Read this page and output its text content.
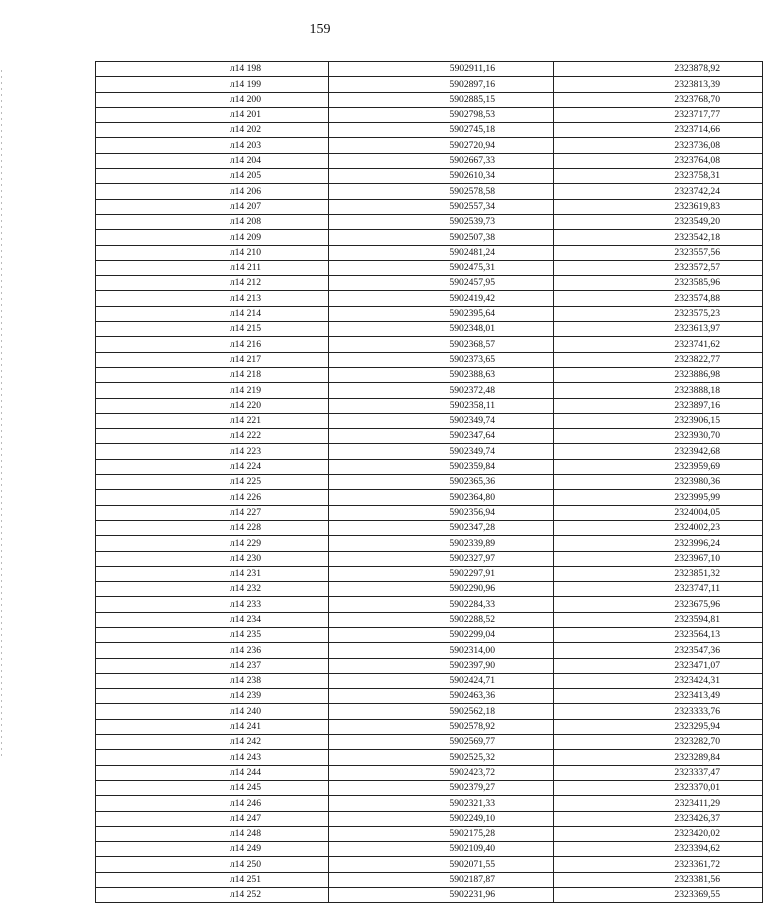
159
л14 198	5902911,16	2323878,92
л14 199	5902897,16	2323813,39
л14 200	5902885,15	2323768,70
л14 201	5902798,53	2323717,77
л14 202	5902745,18	2323714,66
л14 203	5902720,94	2323736,08
л14 204	5902667,33	2323764,08
л14 205	5902610,34	2323758,31
л14 206	5902578,58	2323742,24
л14 207	5902557,34	2323619,83
л14 208	5902539,73	2323549,20
л14 209	5902507,38	2323542,18
л14 210	5902481,24	2323557,56
л14 211	5902475,31	2323572,57
л14 212	5902457,95	2323585,96
л14 213	5902419,42	2323574,88
л14 214	5902395,64	2323575,23
л14 215	5902348,01	2323613,97
л14 216	5902368,57	2323741,62
л14 217	5902373,65	2323822,77
л14 218	5902388,63	2323886,98
л14 219	5902372,48	2323888,18
л14 220	5902358,11	2323897,16
л14 221	5902349,74	2323906,15
л14 222	5902347,64	2323930,70
л14 223	5902349,74	2323942,68
л14 224	5902359,84	2323959,69
л14 225	5902365,36	2323980,36
л14 226	5902364,80	2323995,99
л14 227	5902356,94	2324004,05
л14 228	5902347,28	2324002,23
л14 229	5902339,89	2323996,24
л14 230	5902327,97	2323967,10
л14 231	5902297,91	2323851,32
л14 232	5902290,96	2323747,11
л14 233	5902284,33	2323675,96
л14 234	5902288,52	2323594,81
л14 235	5902299,04	2323564,13
л14 236	5902314,00	2323547,36
л14 237	5902397,90	2323471,07
л14 238	5902424,71	2323424,31
л14 239	5902463,36	2323413,49
л14 240	5902562,18	2323333,76
л14 241	5902578,92	2323295,94
л14 242	5902569,77	2323282,70
л14 243	5902525,32	2323289,84
л14 244	5902423,72	2323337,47
л14 245	5902379,27	2323370,01
л14 246	5902321,33	2323411,29
л14 247	5902249,10	2323426,37
л14 248	5902175,28	2323420,02
л14 249	5902109,40	2323394,62
л14 250	5902071,55	2323361,72
л14 251	5902187,87	2323381,56
л14 252	5902231,96	2323369,55
